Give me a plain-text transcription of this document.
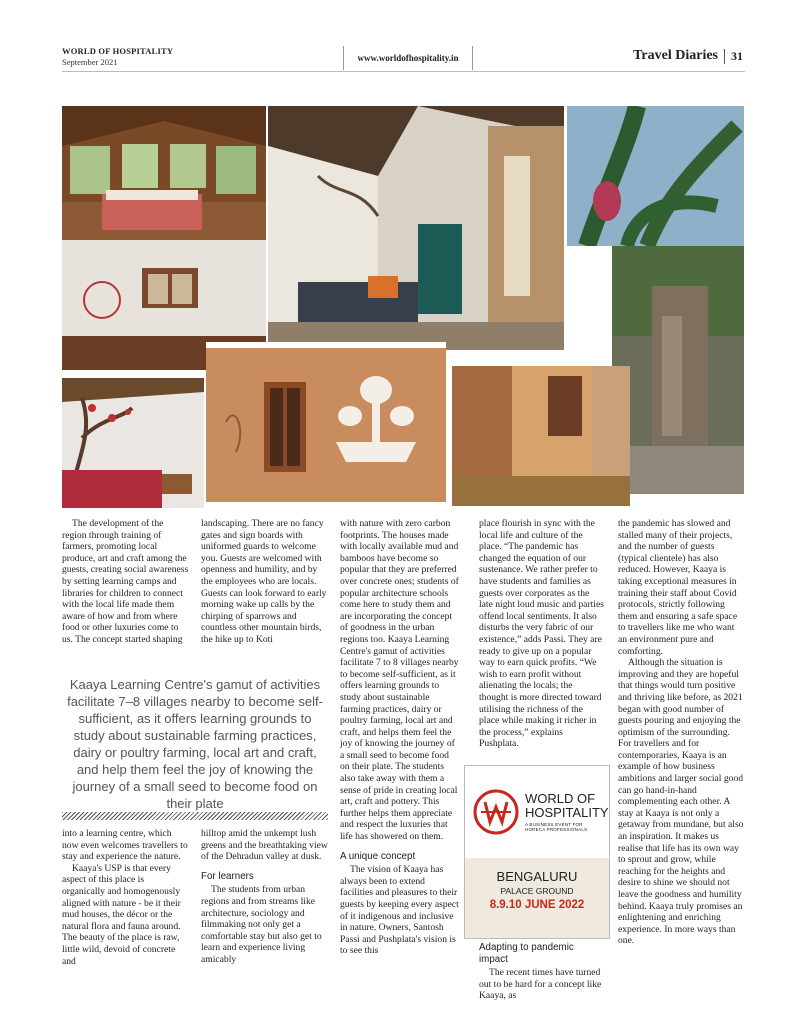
WORLD OF HOSPITALITY
September 2021	www.worldofhospitality.in	Travel Diaries	31

The development of the region through training of farmers, promoting local produce, art and craft among the guests, creating social awareness by setting learning camps and libraries for children to connect with the local life made them aware of how and from where food or other luxuries come to us. The concept started shaping

landscaping. There are no fancy gates and sign boards with uniformed guards to welcome you. Guests are welcomed with openness and humility, and by the employees who are locals. Guests can look forward to early morning wake up calls by the chirping of sparrows and countless other mountain birds, the hike up to Koti

Kaaya Learning Centre's gamut of activities facilitate 7–8 villages nearby to become self-sufficient, as it offers learning grounds to study about sustainable farming practices, dairy or poultry farming, local art and craft, and help them feel the joy of knowing the journey of a small seed to become food on their plate

into a learning centre, which now even welcomes travellers to stay and experience the nature.

Kaaya's USP is that every aspect of this place is organically and homogenously aligned with nature - be it their mud houses, the décor or the natural flora and fauna around. The beauty of the place is raw, little wild, devoid of concrete and

hilltop amid the unkempt lush greens and the breathtaking view of the Dehradun valley at dusk.

For learners

The students from urban regions and from streams like architecture, sociology and filmmaking not only get a comfortable stay but also get to learn and experience living amicably

with nature with zero carbon footprints. The houses made with locally available mud and bamboos have become so popular that they are preferred over concrete ones; students of popular architecture schools come here to study them and are incorporating the concept of goodness in the urban regions too. Kaaya Learning Centre's gamut of activities facilitate 7 to 8 villages nearby to become self-sufficient, as it offers learning grounds to study about sustainable farming practices, dairy or poultry farming, local art and craft, and helps them feel the joy of knowing the journey of a small seed to become food on their plate. The students also take away with them a sense of pride in creating local art, craft and pottery. This further helps them appreciate and respect the luxuries that life has showered on them.

A unique concept

The vision of Kaaya has always been to extend facilities and pleasures to their guests by keeping every aspect of it indigenous and inclusive in nature. Owners, Santosh Passi and Pushplata's vision is to see this

place flourish in sync with the local life and culture of the place. “The pandemic has changed the equation of our sustenance. We rather prefer to have students and families as guests over corporates as the late night loud music and parties offend local sentiments. It also disturbs the very fabric of our existence,” adds Passi. They are ready to give up on a popular way to earn quick profits. “We wish to earn profit without alienating the locals; the thought is more directed toward utilising the richness of the place while making it richer in the process,” explains Pushplata.

Adapting to pandemic impact

The recent times have turned out to be hard for a concept like Kaaya, as

WORLD OF
HOSPITALITY
A BUSINESS EVENT FOR
HORECA PROFESSIONALS
BENGALURU
PALACE GROUND
8.9.10 JUNE 2022

the pandemic has slowed and stalled many of their projects, and the number of guests (typical clientele) has also reduced. However, Kaaya is taking exceptional measures in training their staff about Covid protocols, strictly following them and ensuring a safe space to travellers like me who want an environment pure and comforting.

Although the situation is improving and they are hopeful that things would turn positive and thriving like before, as 2021 began with good number of guests pouring and enjoying the optimism of the surrounding. For travellers and for contemporaries, Kaaya is an example of how business ambitions and larger social good can go hand-in-hand complementing each other. A stay at Kaaya is not only a getaway from mundane, but also an inspiration. It makes us realise that life has its own way to sprout and grow, while reaching for the heights and desire to shine we should not leave the goodness and humility behind. Kaaya truly promises an enlightening and enriching experience. In more ways than one.
